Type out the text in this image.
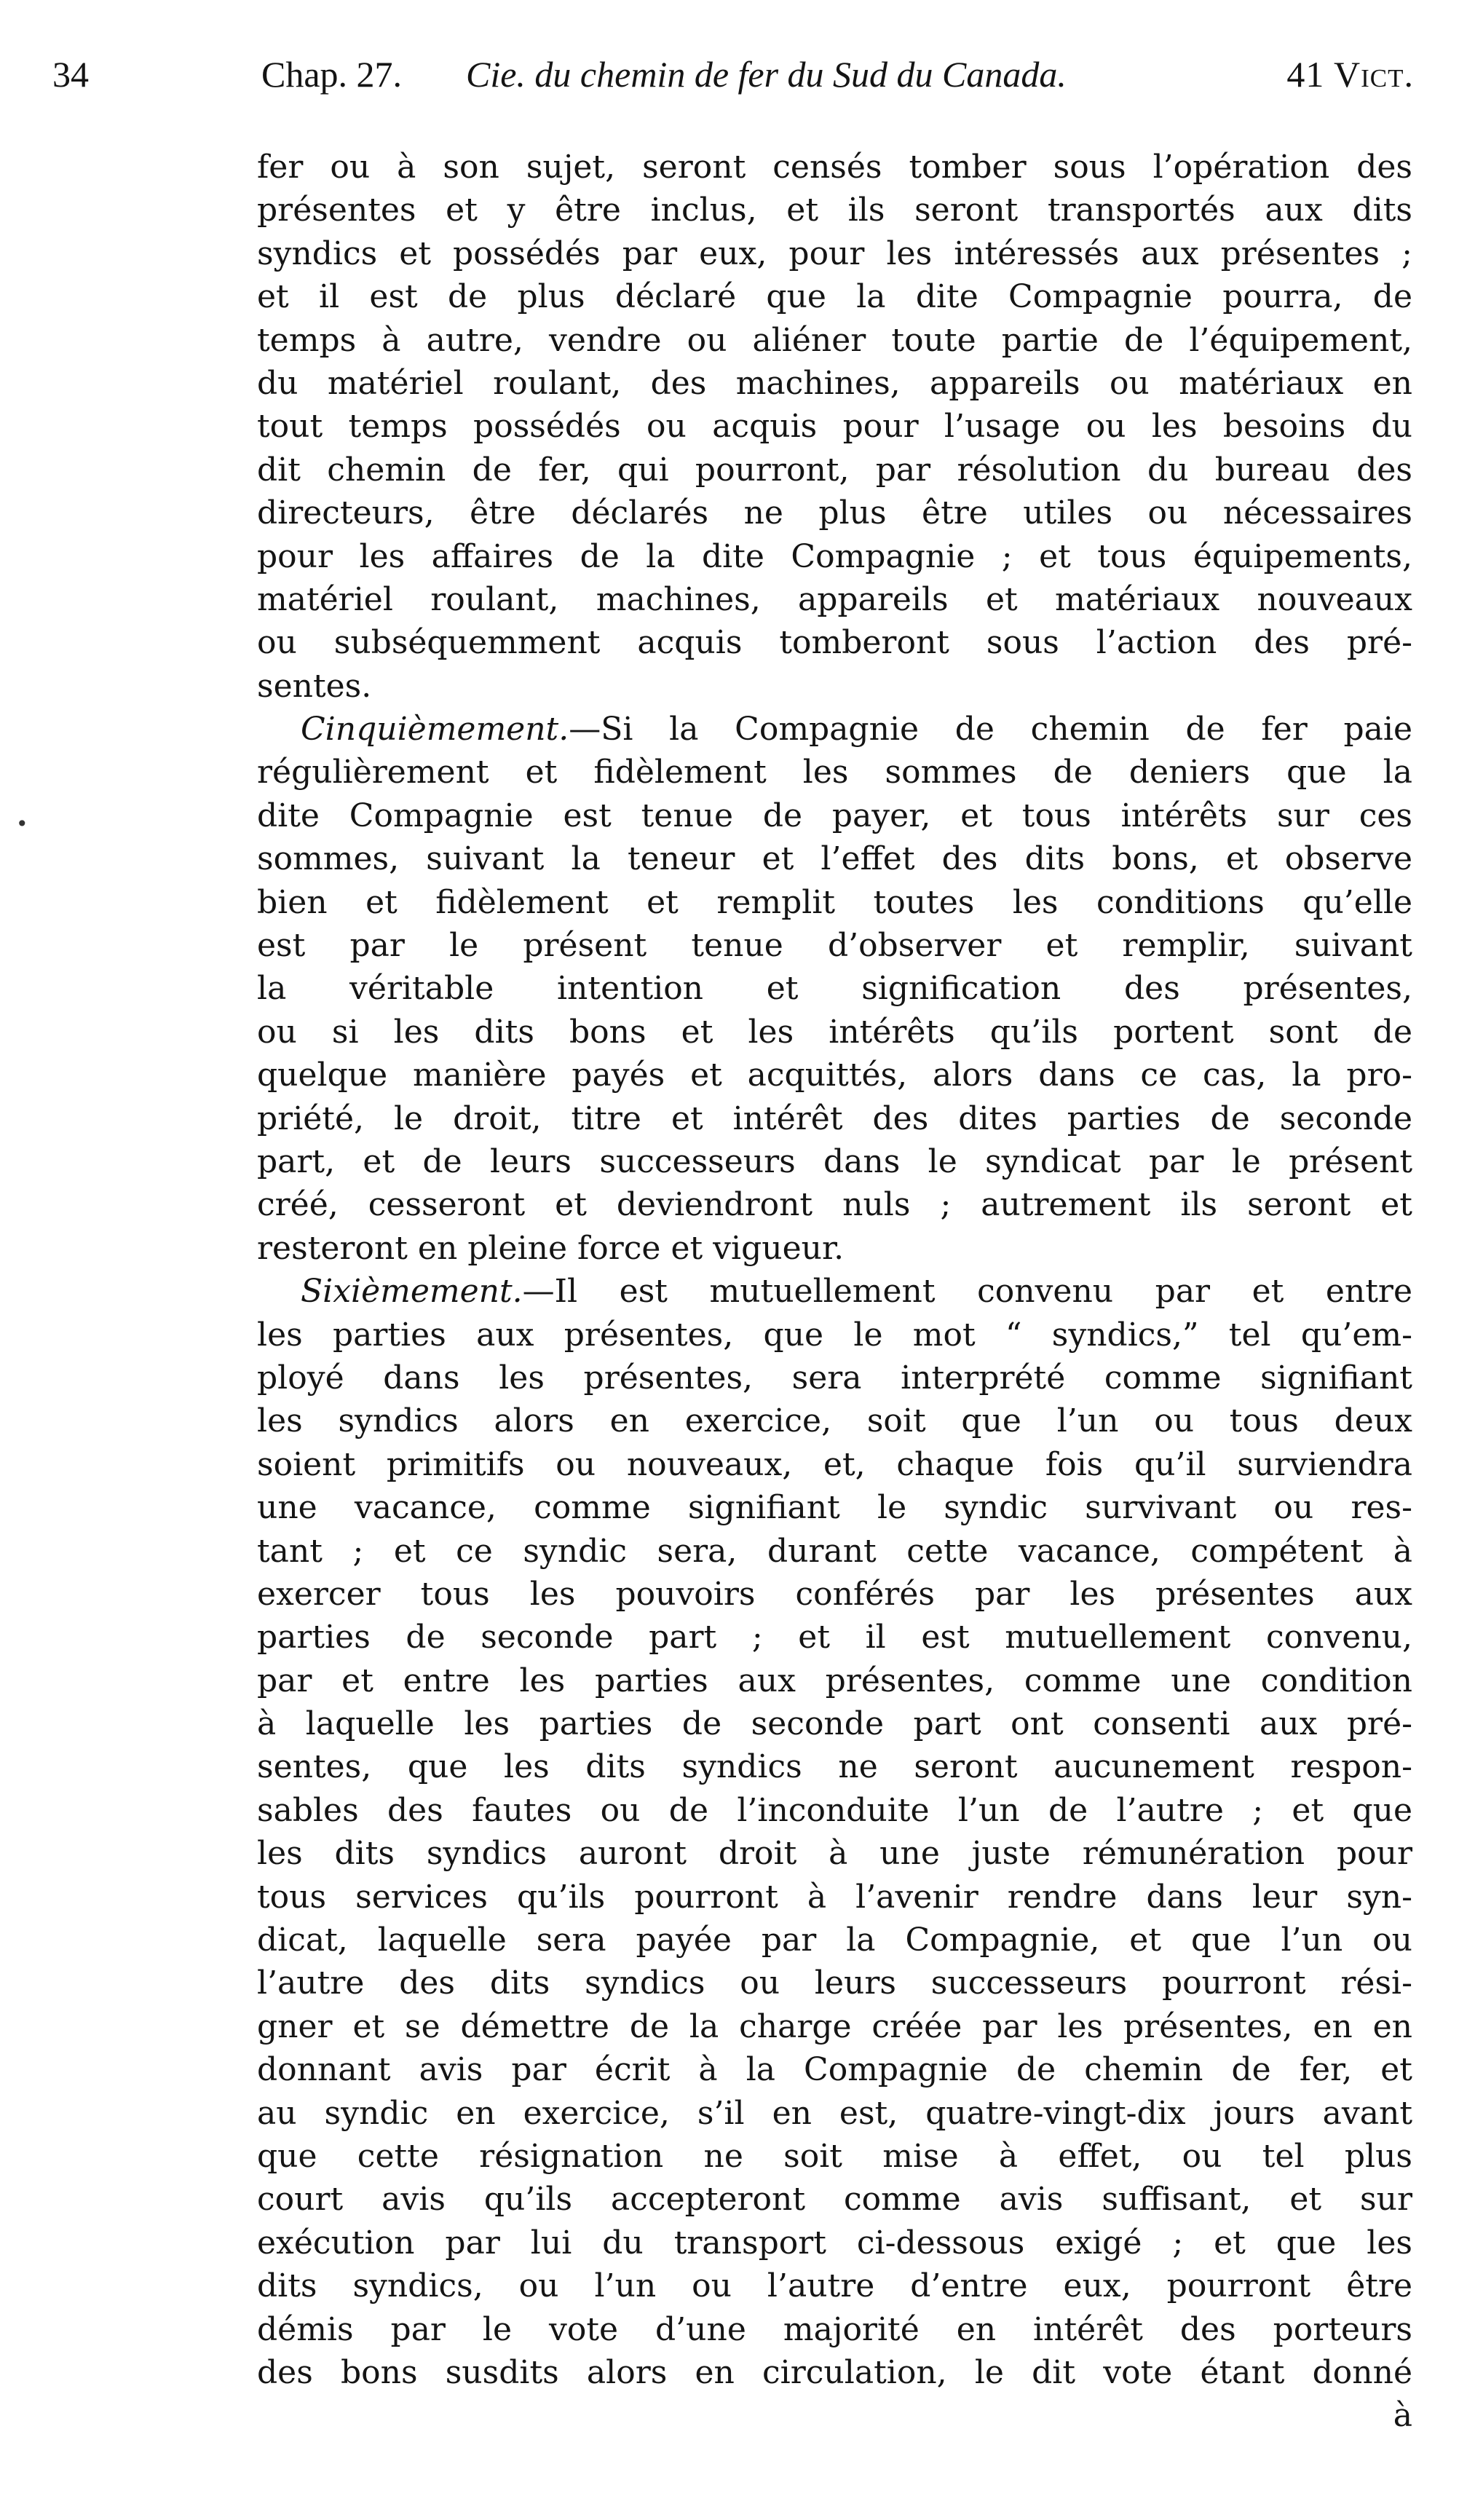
34	Chap. 27. Cie. du chemin de fer du Sud du Canada.	41 Vict.
•
fer ou à son sujet, seront censés tomber sous l’opération des
présentes et y être inclus, et ils seront transportés aux dits
syndics et possédés par eux, pour les intéressés aux présentes ;
et il est de plus déclaré que la dite Compagnie pourra, de
temps à autre, vendre ou aliéner toute partie de l’équipement,
du matériel roulant, des machines, appareils ou matériaux en
tout temps possédés ou acquis pour l’usage ou les besoins du
dit chemin de fer, qui pourront, par résolution du bureau des
directeurs, être déclarés ne plus être utiles ou nécessaires
pour les affaires de la dite Compagnie ; et tous équipements,
matériel roulant, machines, appareils et matériaux nouveaux
ou subséquemment acquis tomberont sous l’action des pré-
sentes.
Cinquièmement.—Si la Compagnie de chemin de fer paie
régulièrement et fidèlement les sommes de deniers que la
dite Compagnie est tenue de payer, et tous intérêts sur ces
sommes, suivant la teneur et l’effet des dits bons, et observe
bien et fidèlement et remplit toutes les conditions qu’elle
est par le présent tenue d’observer et remplir, suivant
la véritable intention et signification des présentes,
ou si les dits bons et les intérêts qu’ils portent sont de
quelque manière payés et acquittés, alors dans ce cas, la pro-
priété, le droit, titre et intérêt des dites parties de seconde
part, et de leurs successeurs dans le syndicat par le présent
créé, cesseront et deviendront nuls ; autrement ils seront et
resteront en pleine force et vigueur.
Sixièmement.—Il est mutuellement convenu par et entre
les parties aux présentes, que le mot “ syndics,” tel qu’em-
ployé dans les présentes, sera interprété comme signifiant
les syndics alors en exercice, soit que l’un ou tous deux
soient primitifs ou nouveaux, et, chaque fois qu’il surviendra
une vacance, comme signifiant le syndic survivant ou res-
tant ; et ce syndic sera, durant cette vacance, compétent à
exercer tous les pouvoirs conférés par les présentes aux
parties de seconde part ; et il est mutuellement convenu,
par et entre les parties aux présentes, comme une condition
à laquelle les parties de seconde part ont consenti aux pré-
sentes, que les dits syndics ne seront aucunement respon-
sables des fautes ou de l’inconduite l’un de l’autre ; et que
les dits syndics auront droit à une juste rémunération pour
tous services qu’ils pourront à l’avenir rendre dans leur syn-
dicat, laquelle sera payée par la Compagnie, et que l’un ou
l’autre des dits syndics ou leurs successeurs pourront rési-
gner et se démettre de la charge créée par les présentes, en en
donnant avis par écrit à la Compagnie de chemin de fer, et
au syndic en exercice, s’il en est, quatre-vingt-dix jours avant
que cette résignation ne soit mise à effet, ou tel plus
court avis qu’ils accepteront comme avis suffisant, et sur
exécution par lui du transport ci-dessous exigé ; et que les
dits syndics, ou l’un ou l’autre d’entre eux, pourront être
démis par le vote d’une majorité en intérêt des porteurs
des bons susdits alors en circulation, le dit vote étant donné
à
